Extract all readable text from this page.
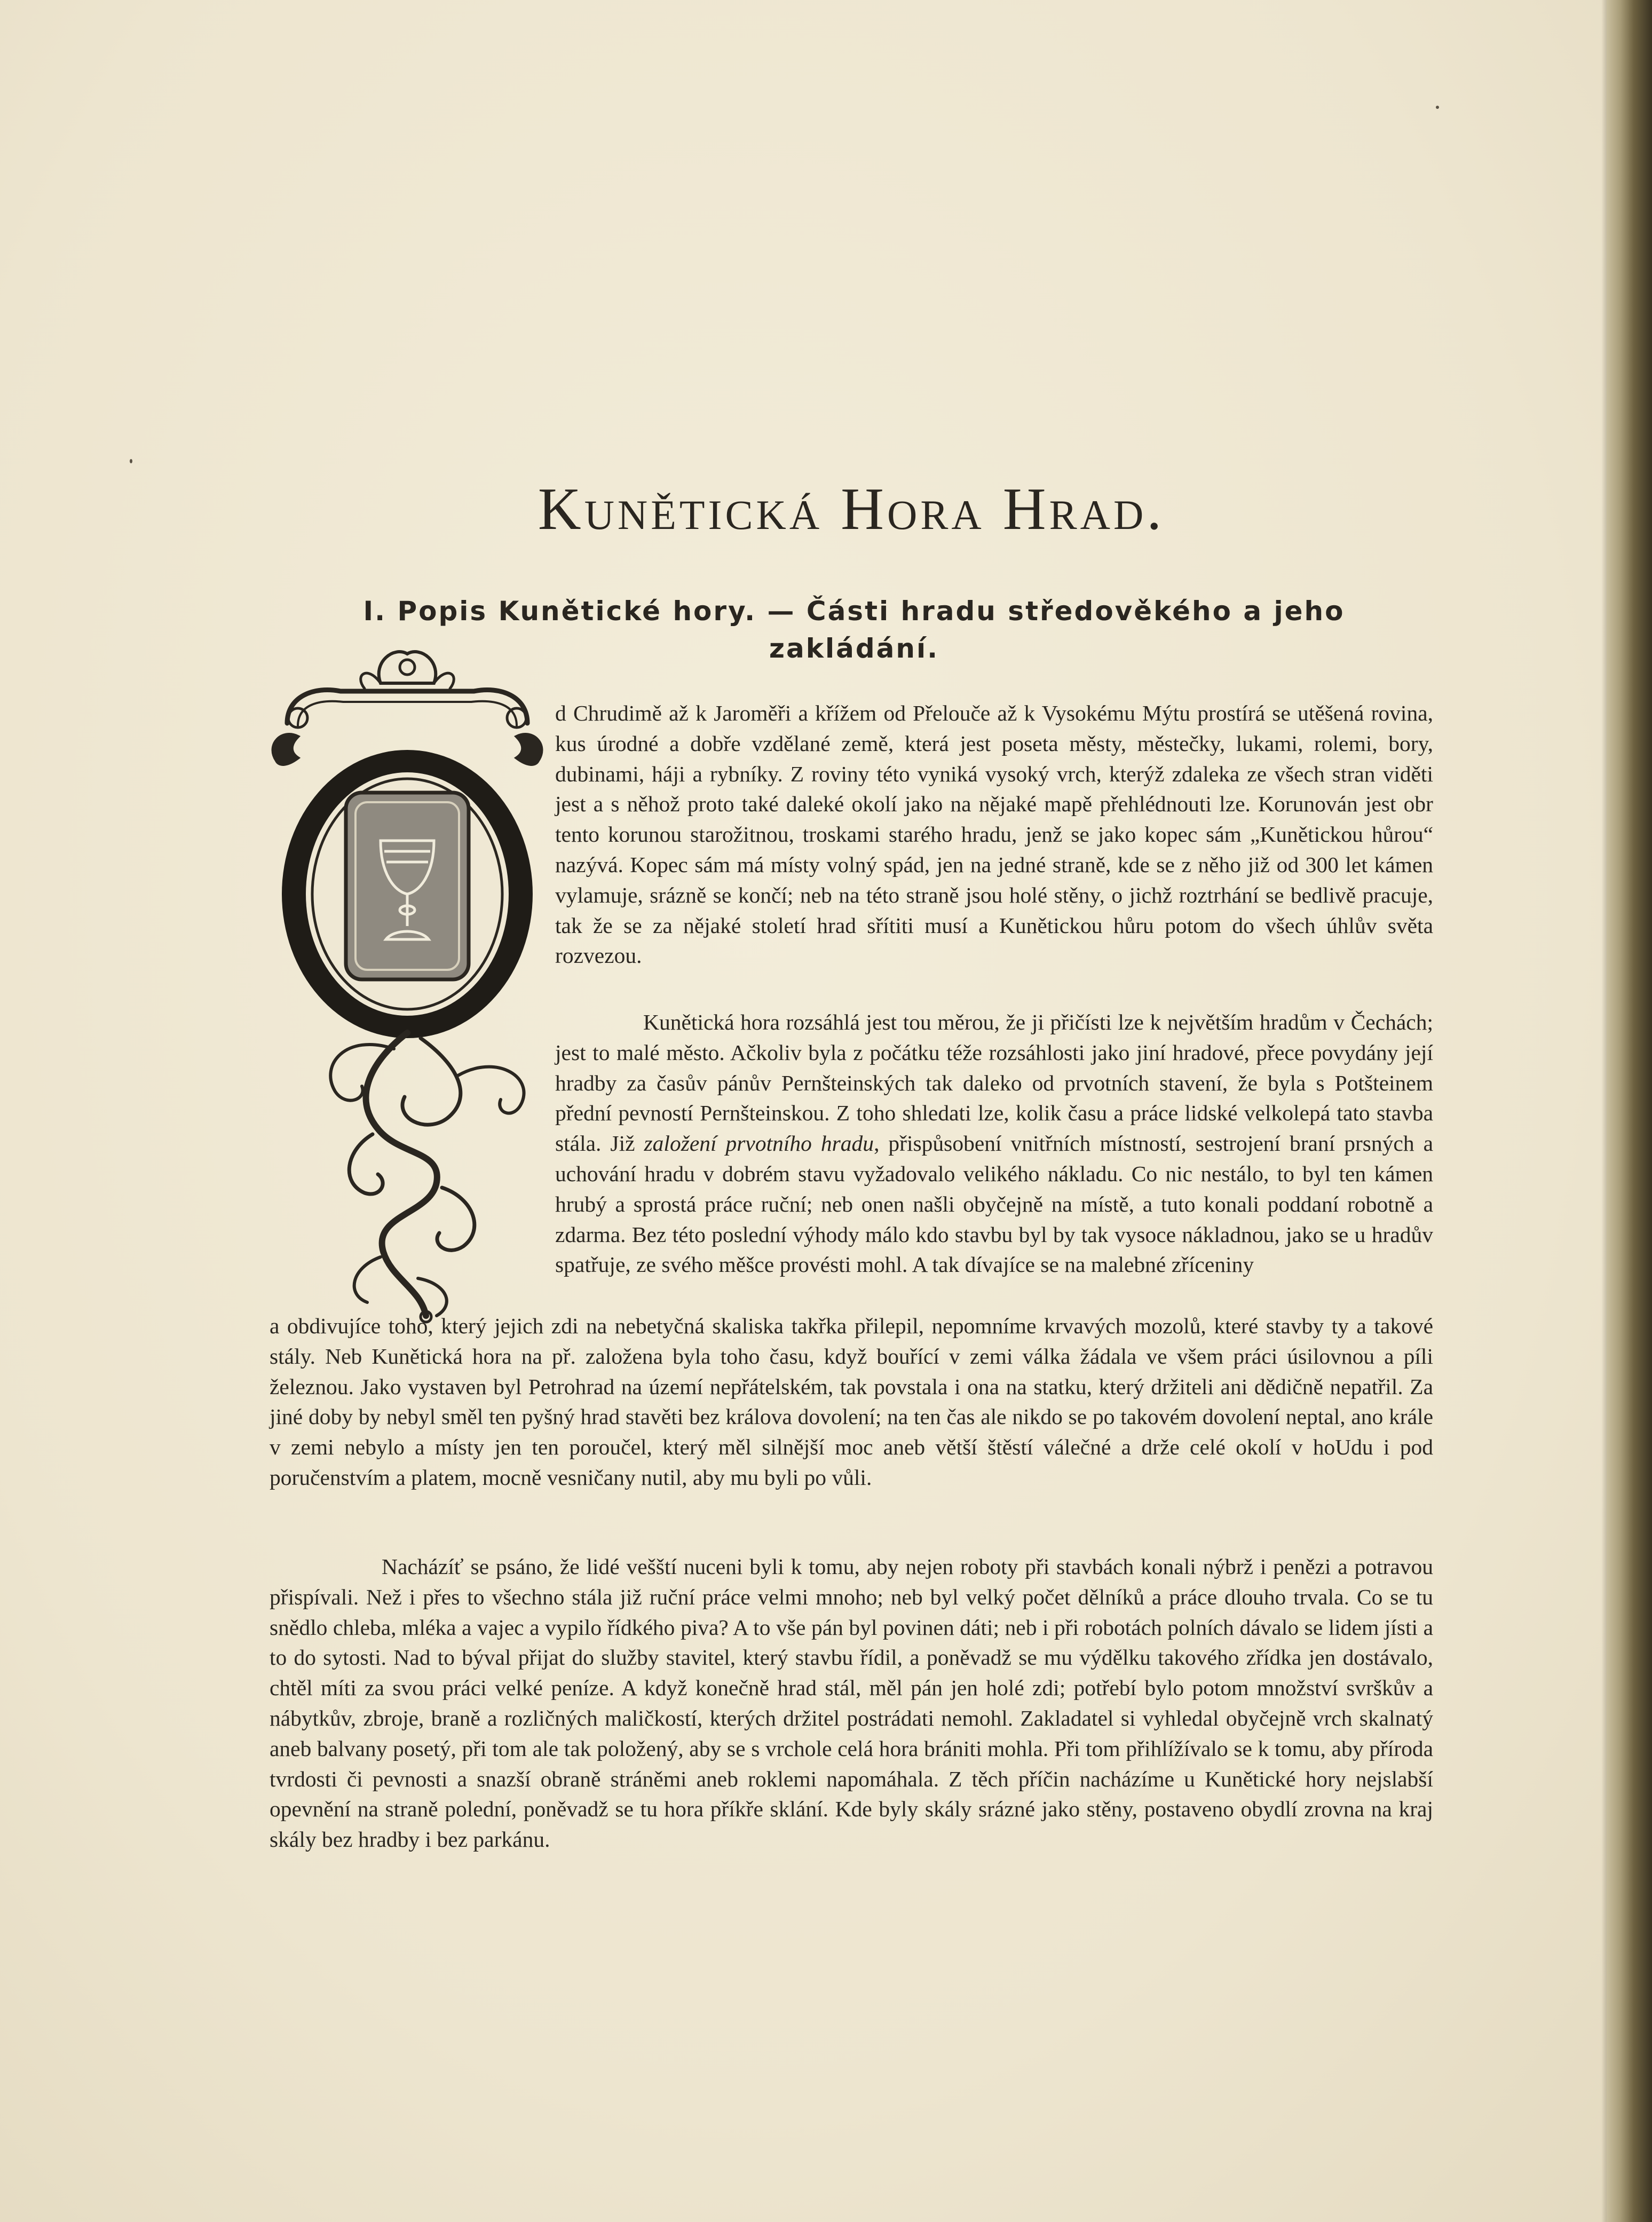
Kunětická Hora Hrad.
I. Popis Kunětické hory. — Části hradu středověkého a jeho
zakládání.

d Chrudimě až k Jaroměři a křížem od Přelouče až k Vysokému Mýtu prostírá se utěšená rovina, kus úrodné a dobře vzdělané země, která jest poseta městy, městečky, lukami, rolemi, bory, dubinami, háji a rybníky. Z roviny této vyniká vysoký vrch, kterýž zdaleka ze všech stran viděti jest a s něhož proto také daleké okolí jako na nějaké mapě přehlédnouti lze. Korunován jest obr tento korunou starožitnou, troskami starého hradu, jenž se jako kopec sám „Kunětickou hůrou“ nazývá. Kopec sám má místy volný spád, jen na jedné straně, kde se z něho již od 300 let kámen vylamuje, srázně se končí; neb na této straně jsou holé stěny, o jichž roztrhání se bedlivě pracuje, tak že se za nějaké století hrad sřítiti musí a Kunětickou hůru potom do všech úhlův světa rozvezou.

Kunětická hora rozsáhlá jest tou měrou, že ji přičísti lze k největším hradům v Čechách; jest to malé město. Ačkoliv byla z počátku téže rozsáhlosti jako jiní hradové, přece povydány její hradby za časův pánův Pernšteinských tak daleko od prvotních stavení, že byla s Potšteinem přední pevností Pernšteinskou. Z toho shledati lze, kolik času a práce lidské velkolepá tato stavba stála. Již založení prvotního hradu, přispůsobení vnitřních místností, sestrojení braní prsných a uchování hradu v dobrém stavu vyžadovalo velikého nákladu. Co nic nestálo, to byl ten kámen hrubý a sprostá práce ruční; neb onen našli obyčejně na místě, a tuto konali poddaní robotně a zdarma. Bez této poslední výhody málo kdo stavbu byl by tak vysoce nákladnou, jako se u hradův spatřuje, ze svého měšce provésti mohl. A tak dívajíce se na malebné zříceniny

a obdivujíce toho, který jejich zdi na nebetyčná skaliska takřka přilepil, nepomníme krvavých mozolů, které stavby ty a takové stály. Neb Kunětická hora na př. založena byla toho času, když bouřící v zemi válka žádala ve všem práci úsilovnou a píli železnou. Jako vystaven byl Petrohrad na území nepřátelském, tak povstala i ona na statku, který držiteli ani dědičně nepatřil. Za jiné doby by nebyl směl ten pyšný hrad stavěti bez králova dovolení; na ten čas ale nikdo se po takovém dovolení neptal, ano krále v zemi nebylo a místy jen ten poroučel, který měl silnější moc aneb větší štěstí válečné a drže celé okolí v hoUdu i pod poručenstvím a platem, mocně vesničany nutil, aby mu byli po vůli.

Nacházíť se psáno, že lidé vešští nuceni byli k tomu, aby nejen roboty při stavbách konali nýbrž i penězi a potravou přispívali. Než i přes to všechno stála již ruční práce velmi mnoho; neb byl velký počet dělníků a práce dlouho trvala. Co se tu snědlo chleba, mléka a vajec a vypilo řídkého piva? A to vše pán byl povinen dáti; neb i při robotách polních dávalo se lidem jísti a to do sytosti. Nad to býval přijat do služby stavitel, který stavbu řídil, a poněvadž se mu výdělku takového zřídka jen dostávalo, chtěl míti za svou práci velké peníze. A když konečně hrad stál, měl pán jen holé zdi; potřebí bylo potom množství svrškův a nábytkův, zbroje, braně a rozličných maličkostí, kterých držitel postrádati nemohl. Zakladatel si vyhledal obyčejně vrch skalnatý aneb balvany posetý, při tom ale tak položený, aby se s vrchole celá hora brániti mohla. Při tom přihlížívalo se k tomu, aby příroda tvrdosti či pevnosti a snazší obraně stráněmi aneb roklemi napomáhala. Z těch příčin nacházíme u Kunětické hory nejslabší opevnění na straně polední, poněvadž se tu hora příkře sklání. Kde byly skály srázné jako stěny, postaveno obydlí zrovna na kraj skály bez hradby i bez parkánu.
